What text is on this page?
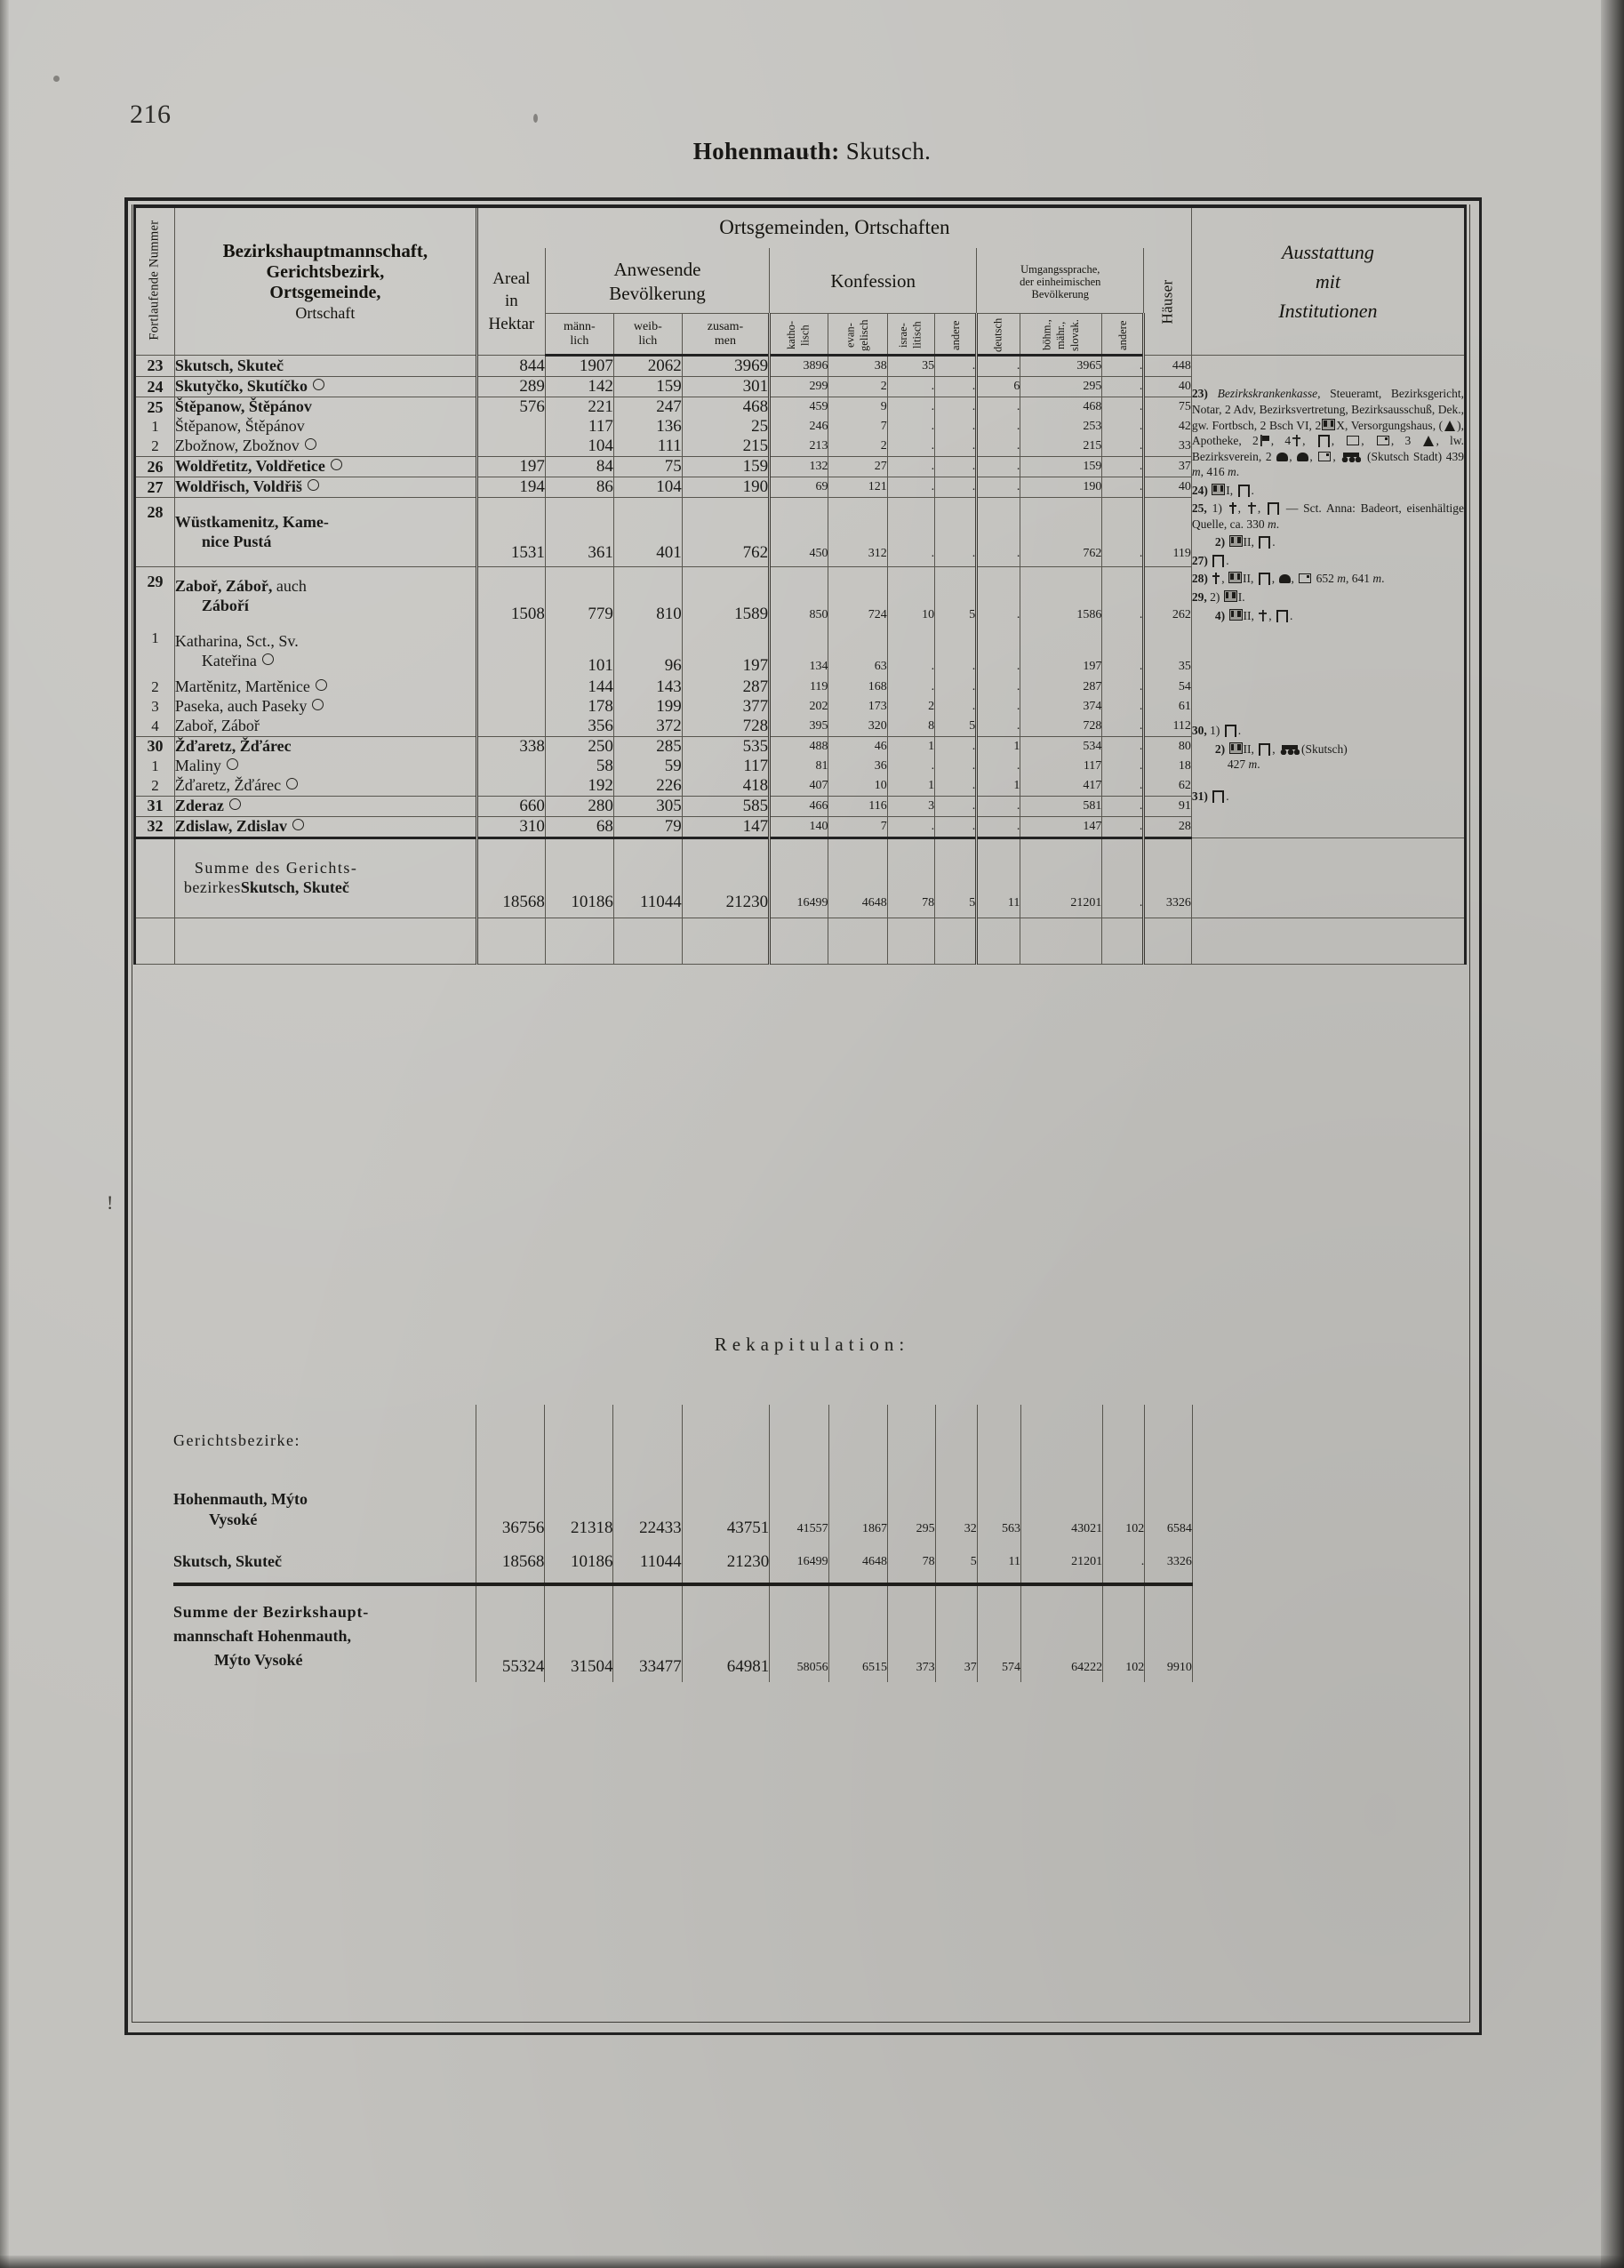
!
216
Hohenmauth: Skutsch.
Fortlaufende Nummer	Bezirkshauptmannschaft,
Gerichtsbezirk,
Ortsgemeinde,
Ortschaft
	Ortsgemeinden, Ortschaften	
Ausstattung
mit
Institutionen

Areal
in
Hektar

Anwesende
Bevölkerung
	Konfession	
Umgangssprache,
der einheimischen
Bevölkerung	Häuser

männ-
lich

weib-
lich

zusam-
men	katho- lisch	evan- gelisch	israe- litisch	andere	deutsch	böhm., mähr., slovak.	andere
23	Skutsch, Skuteč	844	1907	2062	3969	3896	38	35	.	.	3965	.	448	
23) Bezirkskrankenkasse, Steueramt, Bezirksgericht, Notar, 2 Adv, Bezirksvertretung, Bezirksausschuß, Dek., gw. Fortbsch, 2 Bsch VI, 2 X, Versorgungshaus, ( ), Apotheke, 2 , 4 , , , , 3 , lw. Bezirksverein, 2 , , ,  (Skutsch Stadt) 439 m, 416 m.
24) I, .
25, 1) , ,  — Sct. Anna: Badeort, eisenhältige Quelle, ca. 330 m.
2) II, .
27) .
28) , II, , ,  652 m, 641 m.
29, 2) I.
4) II, , .
30, 1) .
2) II, , (Skutsch)
427 m.
31) .

24	Skutyčko, Skutíčko	289	142	159	301	299	2	.	.	6	295	.	40	
25	Štěpanow, Štěpánov	576	221	247	468	459	9	.	.	.	468	.	75	
1	Štěpanow, Štěpánov		117	136	25	246	7	.	.	.	253	.	42	
2	Zbožnow, Zbožnov		104	111	215	213	2	.	.	.	215	.	33	
26	Woldřetitz, Voldřetice	197	84	75	159	132	27	.	.	.	159	.	37	
27	Woldřisch, Voldřiš	194	86	104	190	69	121	.	.	.	190	.	40	
28	Wüstkamenitz, Kame-
nice Pustá	1531	361	401	762	450	312	.	.	.	762	.	119	
29	Zaboř, Záboř, auch
Záboří	1508	779	810	1589	850	724	10	5	.	1586	.	262	
1	Katharina, Sct., Sv.
Kateřina		101	96	197	134	63	.	.	.	197	.	35	
2	Martěnitz, Martěnice		144	143	287	119	168	.	.	.	287	.	54	
3	Paseka, auch Paseky		178	199	377	202	173	2	.	.	374	.	61	
4	Zaboř, Záboř		356	372	728	395	320	8	5	.	728	.	112	
30	Žďaretz, Žďárec	338	250	285	535	488	46	1	.	1	534	.	80	
1	Maliny		58	59	117	81	36	.	.	.	117	.	18	
2	Žďaretz, Žďárec		192	226	418	407	10	1	.	1	417	.	62	
31	Zderaz	660	280	305	585	466	116	3	.	.	581	.	91	
32	Zdislaw, Zdislav	310	68	79	147	140	7	.	.	.	147	.	28	

	Summe des Gerichts-
bezirkesSkutsch, Skuteč	18568	10186	11044	21230	16499	4648	78	5	11	21201	.	3326	

Rekapitulation:
	Gerichtsbezirke:													

	Hohenmauth, Mýto
Vysoké	36756	21318	22433	43751	41557	1867	295	32	563	43021	102	6584	
	Skutsch, Skuteč	18568	10186	11044	21230	16499	4648	78	5	11	21201	.	3326	

	Summe der Bezirkshaupt-
mannschaft Hohenmauth,
Mýto Vysoké	55324	31504	33477	64981	58056	6515	373	37	574	64222	102	9910	
